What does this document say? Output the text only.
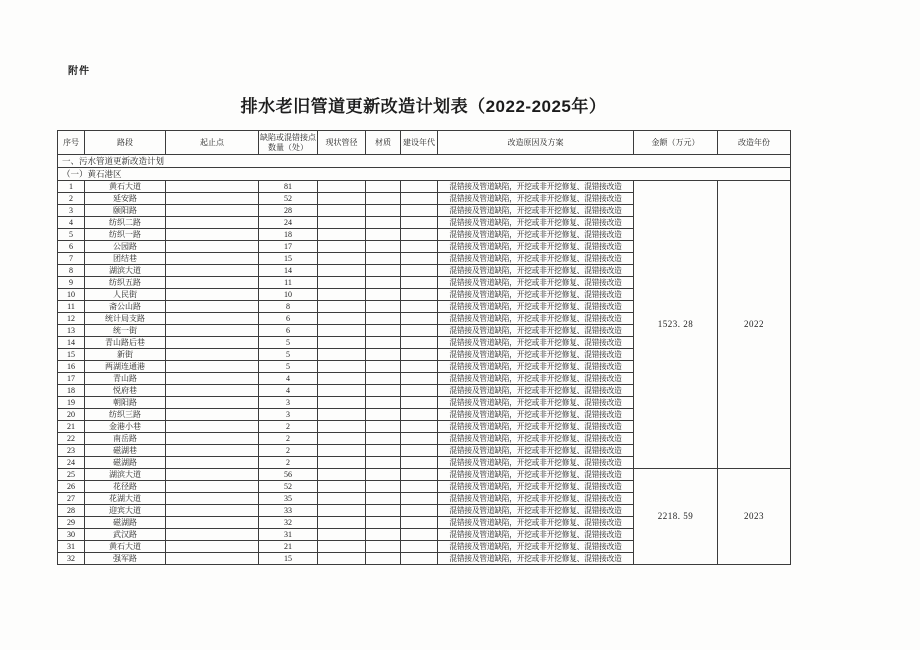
附件
排水老旧管道更新改造计划表（2022-2025年）
序号	路段	起止点	缺陷或混错接点数量（处）	现状管径	材质	建设年代	改造原因及方案	金额（万元）	改造年份
一、污水管道更新改造计划									
（一）黄石港区									
1	黄石大道		81				混错接及管道缺陷，开挖或非开挖修复、混错接改造	1523. 28	2022
2	延安路		52				混错接及管道缺陷，开挖或非开挖修复、混错接改造		
3	颐阳路		28				混错接及管道缺陷，开挖或非开挖修复、混错接改造		
4	纺织二路		24				混错接及管道缺陷，开挖或非开挖修复、混错接改造		
5	纺织一路		18				混错接及管道缺陷，开挖或非开挖修复、混错接改造		
6	公园路		17				混错接及管道缺陷，开挖或非开挖修复、混错接改造		
7	团结巷		15				混错接及管道缺陷，开挖或非开挖修复、混错接改造		
8	湖滨大道		14				混错接及管道缺陷，开挖或非开挖修复、混错接改造		
9	纺织五路		11				混错接及管道缺陷，开挖或非开挖修复、混错接改造		
10	人民街		10				混错接及管道缺陷，开挖或非开挖修复、混错接改造		
11	斋公山路		8				混错接及管道缺陷，开挖或非开挖修复、混错接改造		
12	统计局支路		6				混错接及管道缺陷，开挖或非开挖修复、混错接改造		
13	统一街		6				混错接及管道缺陷，开挖或非开挖修复、混错接改造		
14	青山路后巷		5				混错接及管道缺陷，开挖或非开挖修复、混错接改造		
15	新街		5				混错接及管道缺陷，开挖或非开挖修复、混错接改造		
16	两湖连通港		5				混错接及管道缺陷，开挖或非开挖修复、混错接改造		
17	青山路		4				混错接及管道缺陷，开挖或非开挖修复、混错接改造		
18	悦府巷		4				混错接及管道缺陷，开挖或非开挖修复、混错接改造		
19	朝阳路		3				混错接及管道缺陷，开挖或非开挖修复、混错接改造		
20	纺织三路		3				混错接及管道缺陷，开挖或非开挖修复、混错接改造		
21	金港小巷		2				混错接及管道缺陷，开挖或非开挖修复、混错接改造		
22	南岳路		2				混错接及管道缺陷，开挖或非开挖修复、混错接改造		
23	磁湖巷		2				混错接及管道缺陷，开挖或非开挖修复、混错接改造		
24	磁湖路		2				混错接及管道缺陷，开挖或非开挖修复、混错接改造		
25	湖滨大道		56				混错接及管道缺陷，开挖或非开挖修复、混错接改造	2218. 59	2023
26	花径路		52				混错接及管道缺陷，开挖或非开挖修复、混错接改造		
27	花湖大道		35				混错接及管道缺陷，开挖或非开挖修复、混错接改造		
28	迎宾大道		33				混错接及管道缺陷，开挖或非开挖修复、混错接改造		
29	磁湖路		32				混错接及管道缺陷，开挖或非开挖修复、混错接改造		
30	武汉路		31				混错接及管道缺陷，开挖或非开挖修复、混错接改造		
31	黄石大道		21				混错接及管道缺陷，开挖或非开挖修复、混错接改造		
32	强军路		15				混错接及管道缺陷，开挖或非开挖修复、混错接改造		
